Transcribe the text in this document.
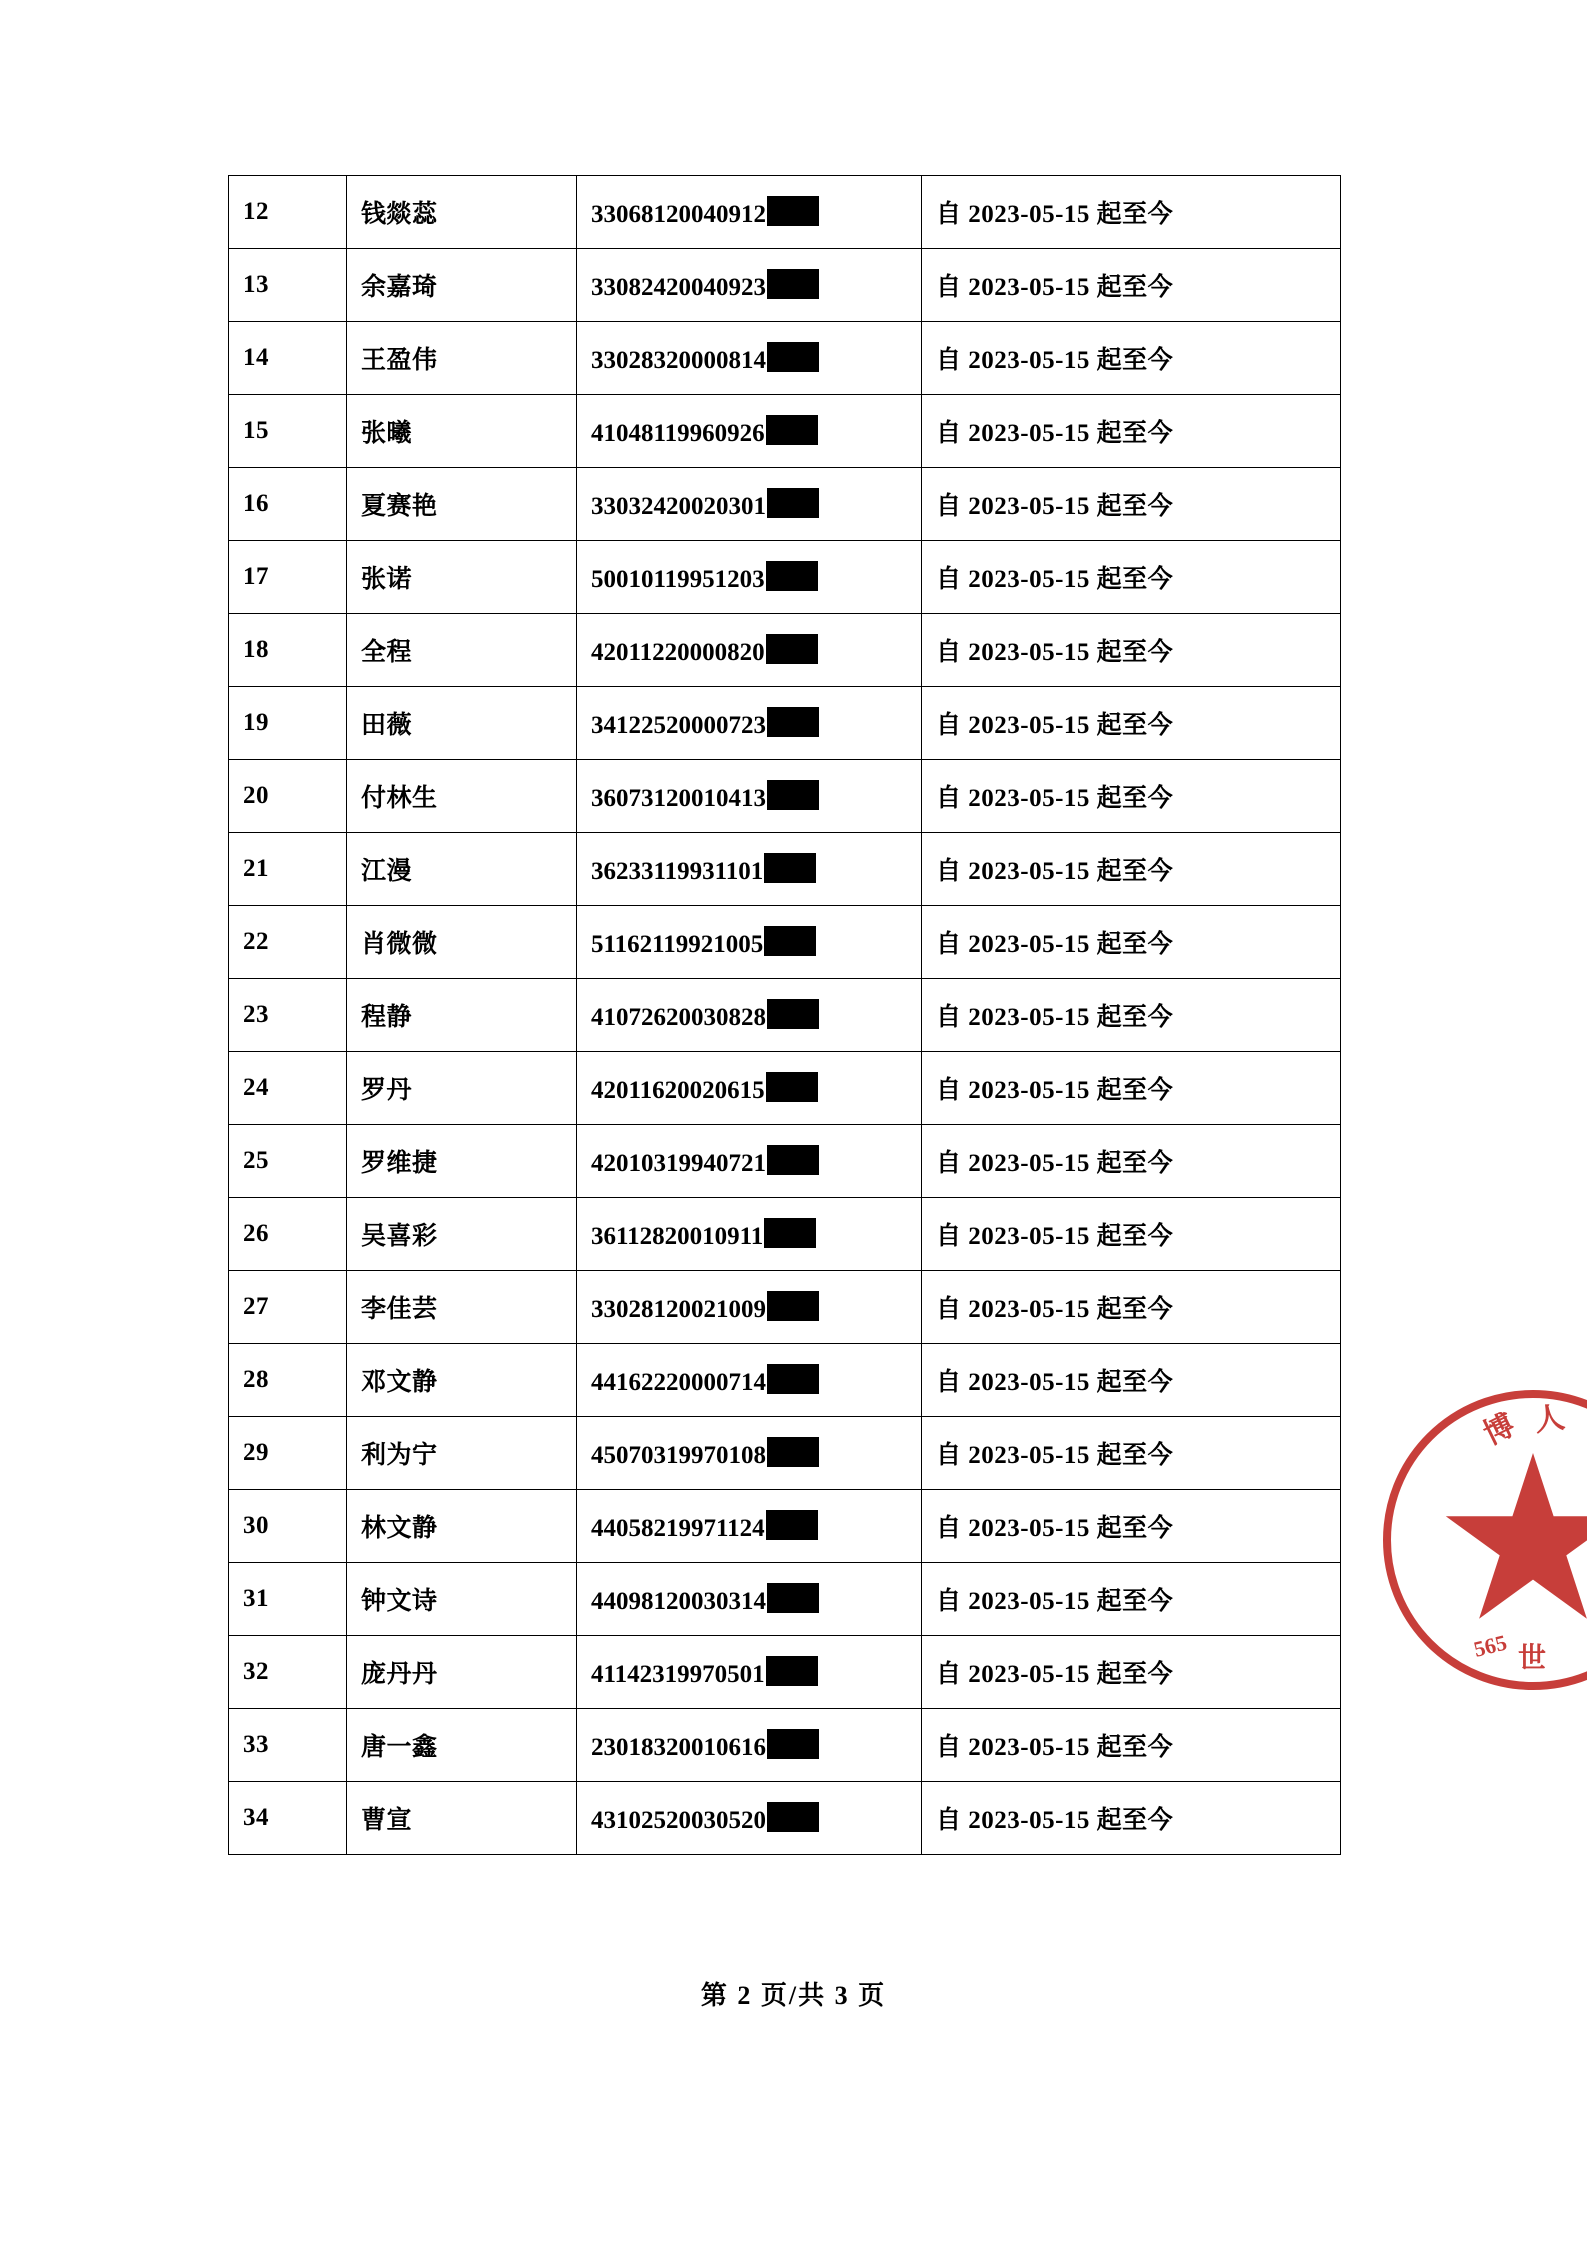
12	钱燚蕊	33068120040912	自 2023-05-15 起至今
13	余嘉琦	33082420040923	自 2023-05-15 起至今
14	王盈伟	33028320000814	自 2023-05-15 起至今
15	张曦	41048119960926	自 2023-05-15 起至今
16	夏赛艳	33032420020301	自 2023-05-15 起至今
17	张诺	50010119951203	自 2023-05-15 起至今
18	全程	42011220000820	自 2023-05-15 起至今
19	田薇	34122520000723	自 2023-05-15 起至今
20	付林生	36073120010413	自 2023-05-15 起至今
21	江漫	36233119931101	自 2023-05-15 起至今
22	肖微微	51162119921005	自 2023-05-15 起至今
23	程静	41072620030828	自 2023-05-15 起至今
24	罗丹	42011620020615	自 2023-05-15 起至今
25	罗维捷	42010319940721	自 2023-05-15 起至今
26	吴喜彩	36112820010911	自 2023-05-15 起至今
27	李佳芸	33028120021009	自 2023-05-15 起至今
28	邓文静	44162220000714	自 2023-05-15 起至今
29	利为宁	45070319970108	自 2023-05-15 起至今
30	林文静	44058219971124	自 2023-05-15 起至今
31	钟文诗	44098120030314	自 2023-05-15 起至今
32	庞丹丹	41142319970501	自 2023-05-15 起至今
33	唐一鑫	23018320010616	自 2023-05-15 起至今
34	曹宣	43102520030520	自 2023-05-15 起至今
第 2 页/共 3 页
博 人
565 世
